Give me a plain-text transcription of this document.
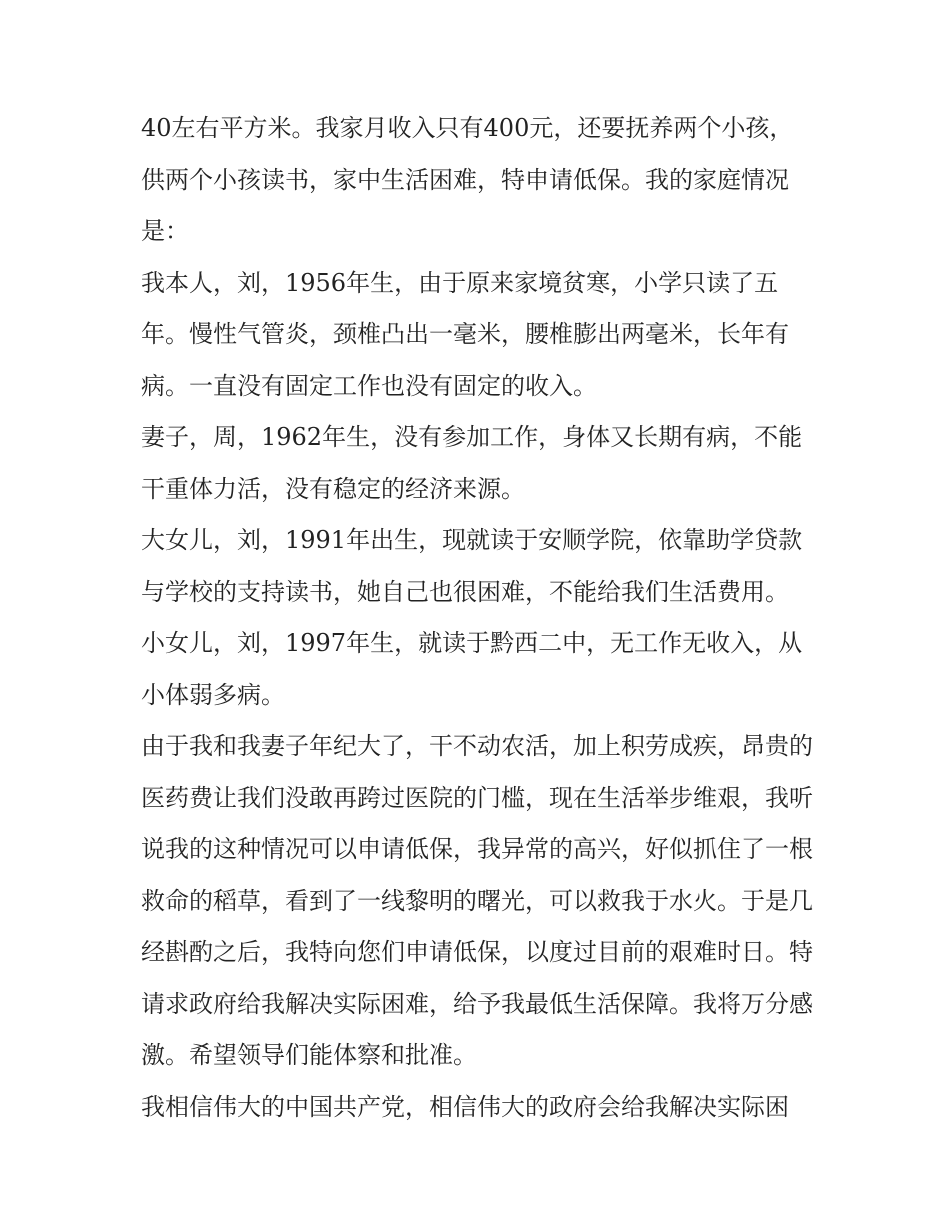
40左右平方米。我家月收入只有400元，还要抚养两个小孩，供两个小孩读书，家中生活困难，特申请低保。我的家庭情况是：

我本人，刘，1956年生，由于原来家境贫寒，小学只读了五年。慢性气管炎，颈椎凸出一毫米，腰椎膨出两毫米，长年有病。一直没有固定工作也没有固定的收入。

妻子，周，1962年生，没有参加工作，身体又长期有病，不能干重体力活，没有稳定的经济来源。

大女儿，刘，1991年出生，现就读于安顺学院，依靠助学贷款与学校的支持读书，她自己也很困难，不能给我们生活费用。

小女儿，刘，1997年生，就读于黔西二中，无工作无收入，从小体弱多病。

由于我和我妻子年纪大了，干不动农活，加上积劳成疾，昂贵的医药费让我们没敢再跨过医院的门槛，现在生活举步维艰，我听说我的这种情况可以申请低保，我异常的高兴，好似抓住了一根救命的稻草，看到了一线黎明的曙光，可以救我于水火。于是几经斟酌之后，我特向您们申请低保，以度过目前的艰难时日。特请求政府给我解决实际困难，给予我最低生活保障。我将万分感激。希望领导们能体察和批准。

我相信伟大的中国共产党，相信伟大的政府会给我解决实际困
